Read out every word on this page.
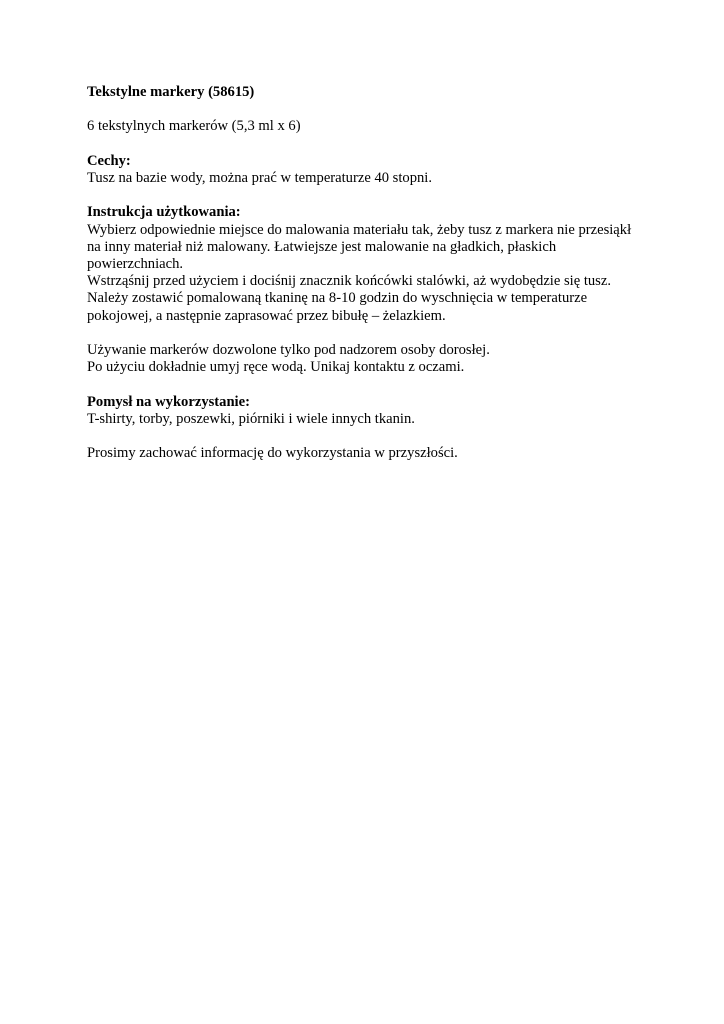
Tekstylne markery (58615)

6 tekstylnych markerów (5,3 ml x 6)

Cechy:

Tusz na bazie wody, można prać w temperaturze 40 stopni.

Instrukcja użytkowania:

Wybierz odpowiednie miejsce do malowania materiału tak, żeby tusz z markera nie przesiąkł
na inny materiał niż malowany. Łatwiejsze jest malowanie na gładkich, płaskich
powierzchniach.
Wstrząśnij przed użyciem i dociśnij znacznik końcówki stalówki, aż wydobędzie się tusz.
Należy zostawić pomalowaną tkaninę na 8-10 godzin do wyschnięcia w temperaturze
pokojowej, a następnie zaprasować przez bibułę – żelazkiem.
Używanie markerów dozwolone tylko pod nadzorem osoby dorosłej.
Po użyciu dokładnie umyj ręce wodą. Unikaj kontaktu z oczami.

Pomysł na wykorzystanie:

T-shirty, torby, poszewki, piórniki i wiele innych tkanin.

Prosimy zachować informację do wykorzystania w przyszłości.
